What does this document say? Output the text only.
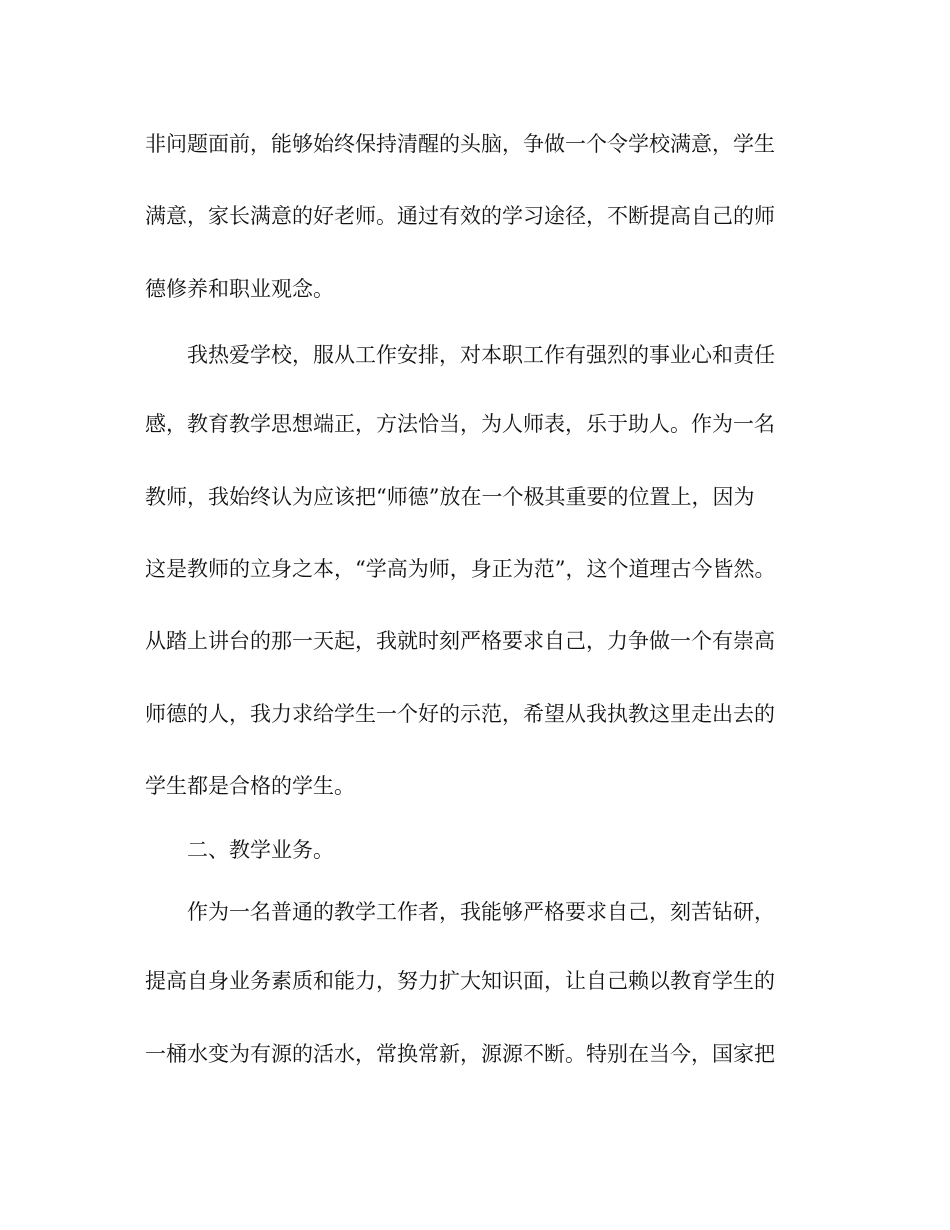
非问题面前，能够始终保持清醒的头脑，争做一个令学校满意，学生
满意，家长满意的好老师。通过有效的学习途径，不断提高自己的师
德修养和职业观念。
我热爱学校，服从工作安排，对本职工作有强烈的事业心和责任
感，教育教学思想端正，方法恰当，为人师表，乐于助人。作为一名
教师，我始终认为应该把“师德”放在一个极其重要的位置上，因为
这是教师的立身之本，“学高为师，身正为范”，这个道理古今皆然。
从踏上讲台的那一天起，我就时刻严格要求自己，力争做一个有崇高
师德的人，我力求给学生一个好的示范，希望从我执教这里走出去的
学生都是合格的学生。
二、教学业务。
作为一名普通的教学工作者，我能够严格要求自己，刻苦钻研，
提高自身业务素质和能力，努力扩大知识面，让自己赖以教育学生的
一桶水变为有源的活水，常换常新，源源不断。特别在当今，国家把
